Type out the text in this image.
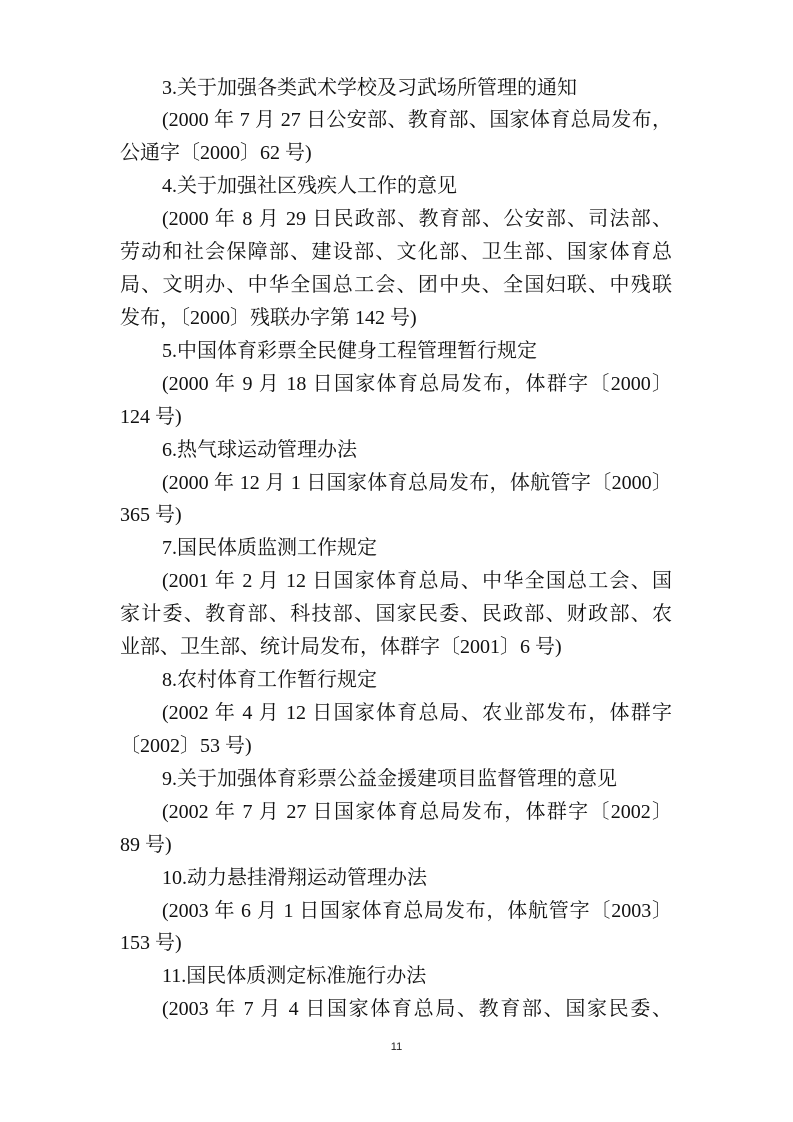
3.关于加强各类武术学校及习武场所管理的通知
(2000 年 7 月 27 日公安部、教育部、国家体育总局发布，
公通字〔2000〕62 号)
4.关于加强社区残疾人工作的意见
(2000 年 8 月 29 日民政部、教育部、公安部、司法部、
劳动和社会保障部、建设部、文化部、卫生部、国家体育总
局、文明办、中华全国总工会、团中央、全国妇联、中残联
发布，〔2000〕残联办字第 142 号)
5.中国体育彩票全民健身工程管理暂行规定
(2000 年 9 月 18 日国家体育总局发布，体群字〔2000〕
124 号)
6.热气球运动管理办法
(2000 年 12 月 1 日国家体育总局发布，体航管字〔2000〕
365 号)
7.国民体质监测工作规定
(2001 年 2 月 12 日国家体育总局、中华全国总工会、国
家计委、教育部、科技部、国家民委、民政部、财政部、农
业部、卫生部、统计局发布，体群字〔2001〕6 号)
8.农村体育工作暂行规定
(2002 年 4 月 12 日国家体育总局、农业部发布，体群字
〔2002〕53 号)
9.关于加强体育彩票公益金援建项目监督管理的意见
(2002 年 7 月 27 日国家体育总局发布，体群字〔2002〕
89 号)
10.动力悬挂滑翔运动管理办法
(2003 年 6 月 1 日国家体育总局发布，体航管字〔2003〕
153 号)
11.国民体质测定标准施行办法
(2003 年 7 月 4 日国家体育总局、教育部、国家民委、
11
